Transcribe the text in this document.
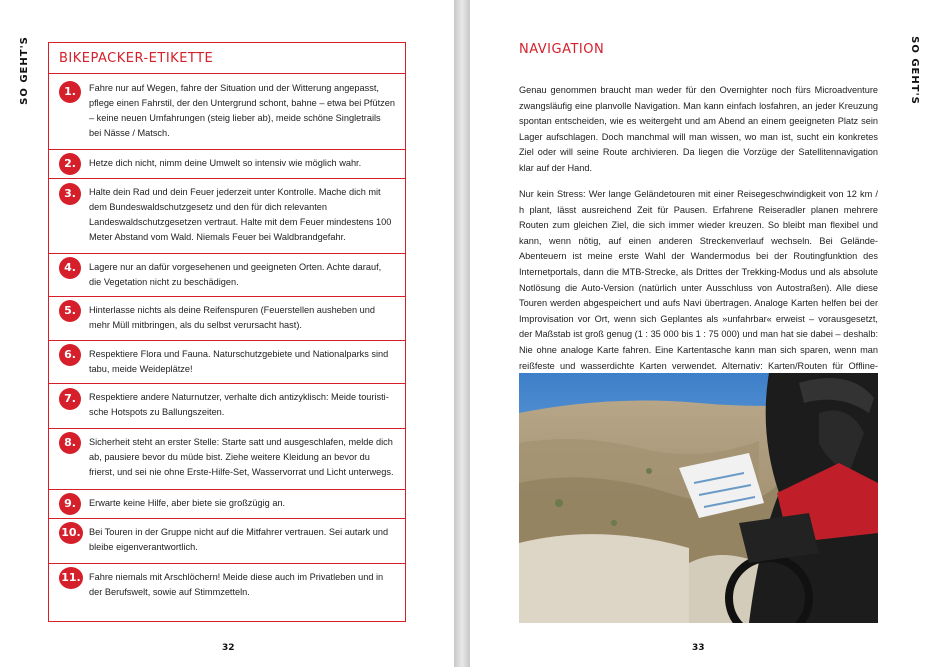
SO GEHT'S	SO GEHT'S
BIKEPACKER-ETIKETTE
1.	Fahre nur auf Wegen, fahre der Situation und der Witterung angepasst, pflege einen Fahrstil, der den Untergrund schont, bahne – etwa bei Pfützen – keine neuen Umfahrungen (steig lieber ab), meide schöne Singletrails bei Nässe / Matsch.
2.	Hetze dich nicht, nimm deine Umwelt so intensiv wie möglich wahr.
3.	Halte dein Rad und dein Feuer jederzeit unter Kontrolle. Mache dich mit dem Bundeswaldschutzgesetz und den für dich relevanten Landeswaldschutzgesetzen vertraut. Halte mit dem Feuer mindestens 100 Meter Abstand vom Wald. Niemals Feuer bei Waldbrandgefahr.
4.	Lagere nur an dafür vorgesehenen und geeigneten Orten. Achte darauf, die Vegetation nicht zu beschädigen.
5.	Hinterlasse nichts als deine Reifenspuren (Feuerstellen ausheben und mehr Müll mitbringen, als du selbst verursacht hast).
6.	Respektiere Flora und Fauna. Naturschutzgebiete und Nationalparks sind tabu, meide Weideplätze!
7.	Respektiere andere Naturnutzer, verhalte dich antizyklisch: Meide touristische Hotspots zu Ballungszeiten.
8.	Sicherheit steht an erster Stelle: Starte satt und ausgeschlafen, melde dich ab, pausiere bevor du müde bist. Ziehe weitere Kleidung an bevor du frierst, und sei nie ohne Erste-Hilfe-Set, Wasservorrat und Licht unterwegs.
9.	Erwarte keine Hilfe, aber biete sie großzügig an.
10. Bei Touren in der Gruppe nicht auf die Mitfahrer vertrauen. Sei autark und bleibe eigenverantwortlich.
11. Fahre niemals mit Arschlöchern! Meide diese auch im Privatleben und in der Berufswelt, sowie auf Stimmzetteln.
32
NAVIGATION
Genau genommen braucht man weder für den Overnighter noch fürs Microadventure zwangsläufig eine planvolle Navigation. Man kann einfach losfahren, an jeder Kreuzung spontan entscheiden, wie es weitergeht und am Abend an einem geeigneten Platz sein Lager aufschlagen. Doch manchmal will man wissen, wo man ist, sucht ein konkretes Ziel oder will seine Route archivieren. Da liegen die Vorzüge der Satellitennavigation klar auf der Hand.
Nur kein Stress: Wer lange Geländetouren mit einer Reisegeschwindigkeit von 12 km / h plant, lässt ausreichend Zeit für Pausen. Erfahrene Reiseradler planen mehrere Routen zum gleichen Ziel, die sich immer wieder kreuzen. So bleibt man flexibel und kann, wenn nötig, auf einen anderen Streckenverlauf wechseln. Bei Gelände-Abenteuern ist meine erste Wahl der Wandermodus bei der Routingfunktion des Internetportals, dann die MTB-Strecke, als Drittes der Trekking-Modus und als absolute Notlösung die Auto-Version (natürlich unter Ausschluss von Autostraßen). Alle diese Touren werden abgespeichert und aufs Navi übertragen. Analoge Karten helfen bei der Improvisation vor Ort, wenn sich Geplantes als »unfahrbar« erweist – vorausgesetzt, der Maßstab ist groß genug (1 : 35 000 bis 1 : 75 000) und man hat sie dabei – deshalb: Nie ohne analoge Karte fahren. Eine Kartentasche kann man sich sparen, wenn man reißfeste und wasserdichte Karten verwendet. Alternativ: Karten/Routen für Offline-
33
